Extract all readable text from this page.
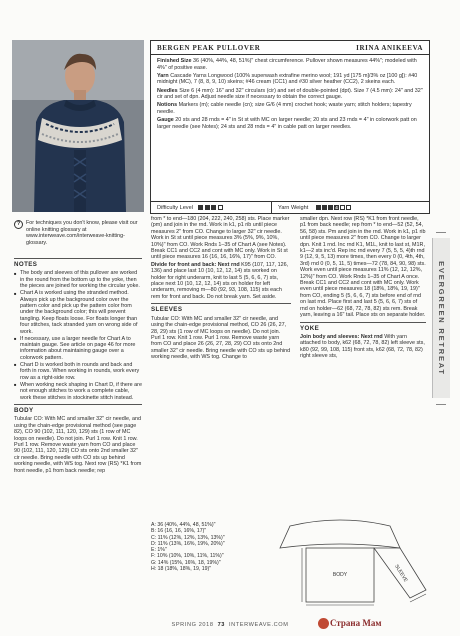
BERGEN PEAK PULLOVER	IRINA ANIKEEVA

Finished Size 36 (40%, 44%, 48, 51%)" chest circumference. Pullover shown measures 44%"; modeled with 4%" of positive ease.

Yarn Cascade Yarns Longwood (100% superwash extrafine merino wool; 191 yd [175 m]/3% oz [100 g]): #40 midnight (MC), 7 (8, 8, 9, 10) skeins; #46 cream (CC1) and #30 silver heather (CC2), 2 skeins each.

Needles Size 6 (4 mm): 16" and 32" circulars (cir) and set of double-pointed (dpt). Size 7 (4.5 mm): 24" and 32" cir and set of dpn. Adjust needle size if necessary to obtain the correct gauge.

Notions Markers (m); cable needle (cn); size G/6 (4 mm) crochet hook; waste yarn; stitch holders; tapestry needle.

Gauge 20 sts and 28 rnds = 4" in St st with MC on larger needle; 20 sts and 23 rnds = 4" in colorwork patt on larger needle (see Notes); 24 sts and 28 rnds = 4" in cable patt on larger needles.

Difficulty Level	Yarn Weight	4
?	For techniques you don't know, please visit our online knitting glossary at www.interweave.com/interweave-knitting-glossary.
NOTES
■ The body and sleeves of this pullover are worked in the round from the bottom up to the yoke, then the pieces are joined for working the circular yoke.
■ Chart A is worked using the stranded method. Always pick up the background color over the pattern color and pick up the pattern color from under the background color; this will prevent tangling. Keep floats loose. For floats longer than four stitches, tack stranded yarn on wrong side of work.
■ If necessary, use a larger needle for Chart A to maintain gauge. See article on page 46 for more information about maintaining gauge over a colorwork pattern.
■ Chart D is worked both in rounds and back and forth in rows. When working in rounds, work every row as a right-side row.
■ When working neck shaping in Chart D, if there are not enough stitches to work a complete cable, work these stitches in stockinette stitch instead.
BODY
Tubular CO: With MC and smaller 32" cir needle, and using the chain-edge provisional method (see page 82), CO 90 (102, 111, 120, 129) sts (1 row of MC loops on needle). Do not join. Purl 1 row. Knit 1 row. Purl 1 row. Remove waste yarn from CO and place 90 (102, 111, 120, 129) CO sts onto 2nd smaller 32" cir needle. Bring needle with CO sts up behind working needle, with WS tog. Next row (RS) *K1 from front needle, p1 from back needle; rep
from * to end—180 (204, 222, 240, 258) sts. Place marker (pm) and join in the rnd. Work in k1, p1 rib until piece measures 2" from CO. Change to larger 32" cir needle. Work in St st until piece measures 3% (5%, 9%, 10%, 10%)" from CO. Work Rnds 1–35 of Chart A (see Notes). Break CC1 and CC2 and cont with MC only. Work in St st until piece measures 16 (16, 16, 16%, 17)" from CO.
Divide for front and back: Next rnd K95 (107, 117, 126, 136) and place last 10 (10, 12, 12, 14) sts worked on holder for right underarm, knit to last 5 (5, 6, 6, 7) sts, place next 10 (10, 12, 12, 14) sts on holder for left underarm, removing m—80 (92, 93, 108, 115) sts each rem for front and back. Do not break yarn. Set aside.
SLEEVES
Tubular CO: With MC and smaller 32" cir needle, and using the chain-edge provisional method, CO 26 (26, 27, 28, 29) sts (1 row of MC loops on needle). Do not join. Purl 1 row. Knit 1 row. Purl 1 row. Remove waste yarn from CO and place 26 (26, 27, 28, 29) CO sts onto 2nd smaller 32" cir needle. Bring needle with CO sts up behind working needle, with WS tog. Change to
smaller dpn. Next row (RS) *K1 from front needle, p1 from back needle; rep from * to end—52 (52, 54, 56, 58) sts. Pm and join in the rnd. Work in k1, p1 rib until piece measures 2" from CO. Change to larger dpn. Knit 1 rnd. Inc rnd K1, M1L, knit to last st, M1R, k1—2 sts inc'd. Rep inc rnd every 7 (5, 5, 5, 4)th rnd 9 (12, 9, 5, 13) more times, then every 0 (0, 4th, 4th, 3rd) rnd 0 (0, 5, 11, 5) times—72 (78, 84, 90, 98) sts. Work even until piece measures 11% (12, 12, 12%, 12%)" from CO. Work Rnds 1–35 of Chart A once. Break CC1 and CC2 and cont with MC only. Work even until piece measures 18 (18%, 18%, 19, 19)" from CO, ending 5 (5, 6, 6, 7) sts before end of rnd on last rnd. Place first and last 5 (5, 6, 6, 7) sts of rnd on holder—62 (68, 72, 78, 82) sts rem. Break yarn, leaving a 16" tail. Place sts on separate holder.
YOKE
Join body and sleeves: Next rnd With yarn attached to body, k62 (68, 72, 78, 82) left sleeve sts, k80 (92, 99, 108, 115) front sts, k62 (68, 72, 78, 82) right sleeve sts,	EVERGREEN RETREAT
A: 36 (40%, 44%, 48, 51%)"
B: 16 (16, 16, 16%, 17)"
C: 11% (12%, 12%, 13%, 13%)"
D: 11% (13%, 16%, 19%, 20%)"
E: 1%"
F: 10% (10%, 10%, 11%, 11%)"
G: 14% (15%, 16%, 18, 19%)"
H: 18 (18%, 18%, 19, 19)"
BODY	SLEEVE
SPRING 2018 73 INTERWEAVE.COM	Страна Мам
